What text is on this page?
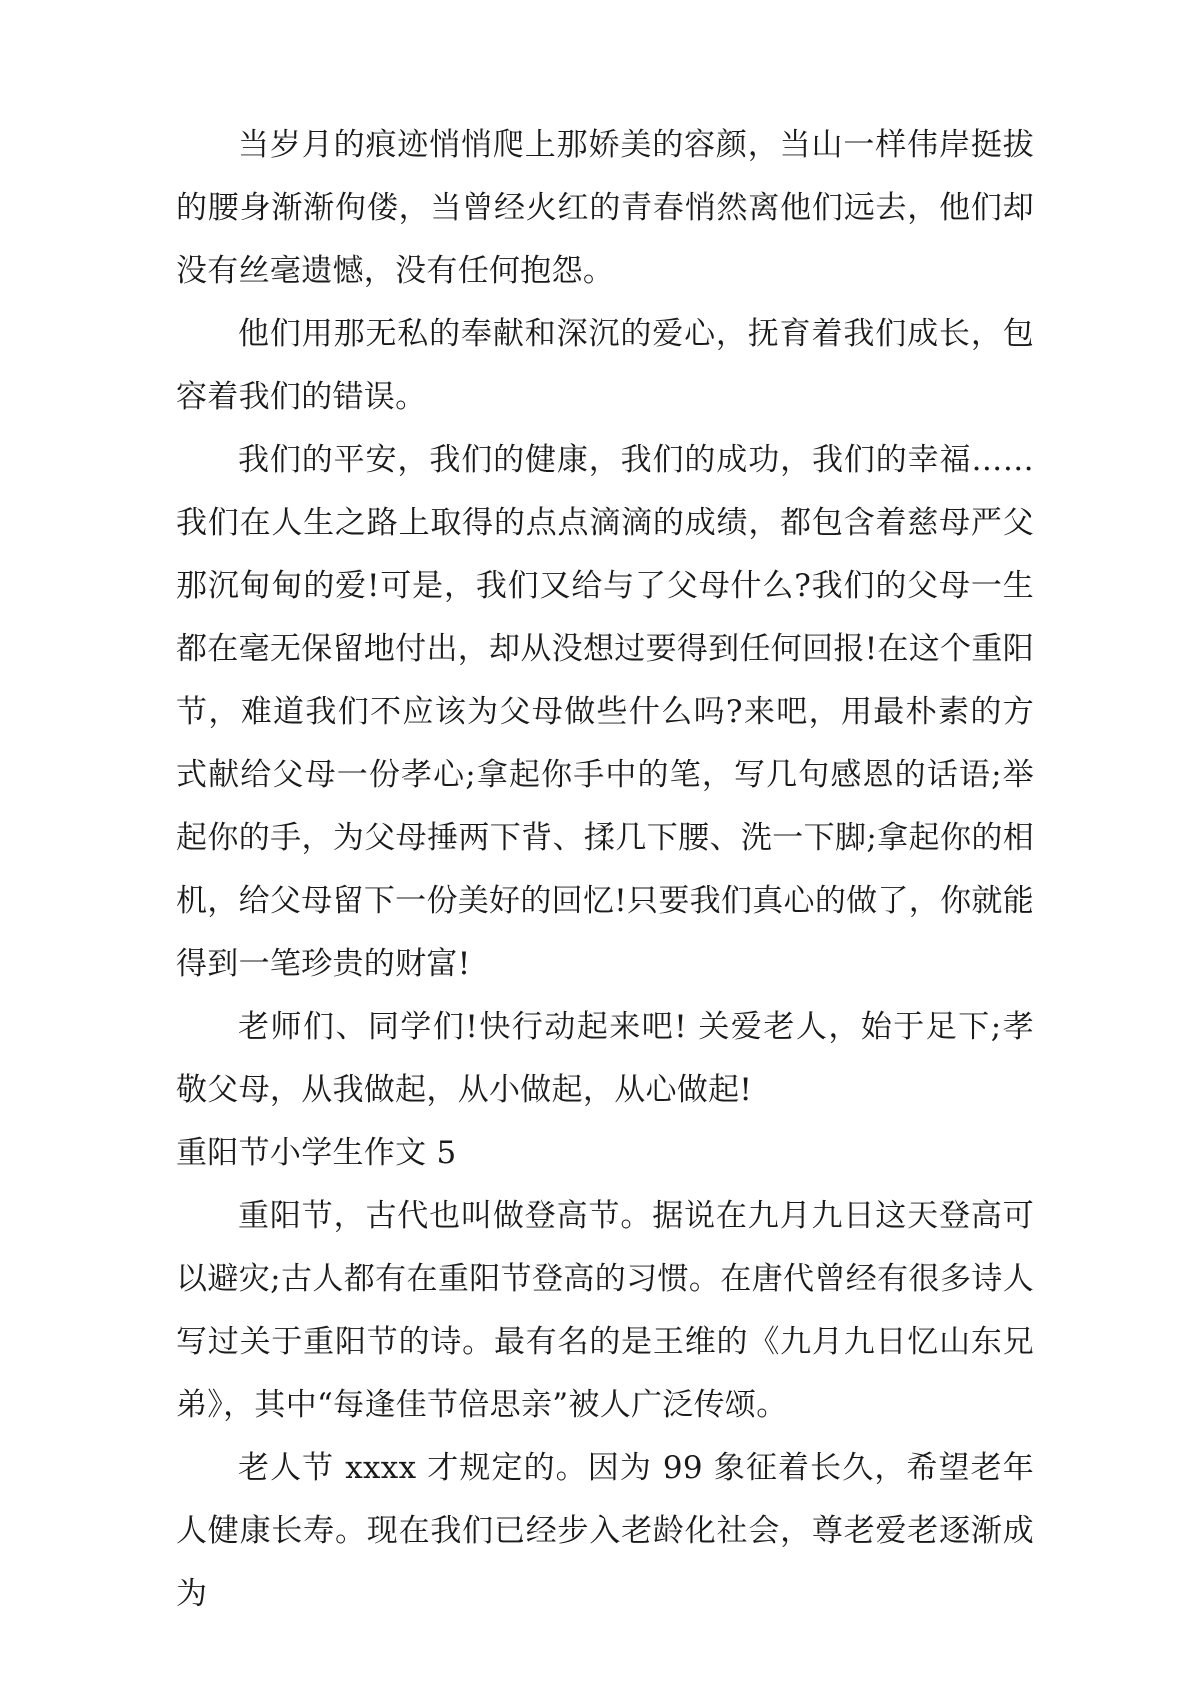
当岁月的痕迹悄悄爬上那娇美的容颜，当山一样伟岸挺拔的腰身渐渐佝偻，当曾经火红的青春悄然离他们远去，他们却没有丝毫遗憾，没有任何抱怨。

他们用那无私的奉献和深沉的爱心，抚育着我们成长，包容着我们的错误。

我们的平安，我们的健康，我们的成功，我们的幸福……我们在人生之路上取得的点点滴滴的成绩，都包含着慈母严父那沉甸甸的爱!可是，我们又给与了父母什么?我们的父母一生都在毫无保留地付出，却从没想过要得到任何回报!在这个重阳节，难道我们不应该为父母做些什么吗?来吧，用最朴素的方式献给父母一份孝心;拿起你手中的笔，写几句感恩的话语;举起你的手，为父母捶两下背、揉几下腰、洗一下脚;拿起你的相机，给父母留下一份美好的回忆!只要我们真心的做了，你就能得到一笔珍贵的财富!

老师们、同学们!快行动起来吧! 关爱老人，始于足下;孝敬父母，从我做起，从小做起，从心做起!

重阳节小学生作文 5

重阳节，古代也叫做登高节。据说在九月九日这天登高可以避灾;古人都有在重阳节登高的习惯。在唐代曾经有很多诗人写过关于重阳节的诗。最有名的是王维的《九月九日忆山东兄弟》，其中“每逢佳节倍思亲”被人广泛传颂。

老人节 xxxx 才规定的。因为 99 象征着长久，希望老年人健康长寿。现在我们已经步入老龄化社会，尊老爱老逐渐成为
